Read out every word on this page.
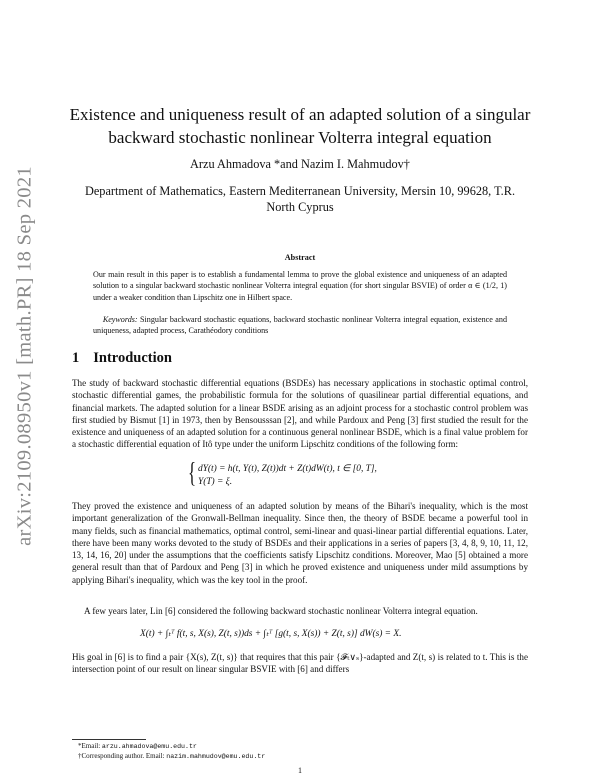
arXiv:2109.08950v1 [math.PR] 18 Sep 2021
Existence and uniqueness result of an adapted solution of a singular backward stochastic nonlinear Volterra integral equation
Arzu Ahmadova *and Nazim I. Mahmudov†
Department of Mathematics, Eastern Mediterranean University, Mersin 10, 99628, T.R. North Cyprus
Abstract
Our main result in this paper is to establish a fundamental lemma to prove the global existence and uniqueness of an adapted solution to a singular backward stochastic nonlinear Volterra integral equation (for short singular BSVIE) of order α ∈ (1/2, 1) under a weaker condition than Lipschitz one in Hilbert space.
Keywords: Singular backward stochastic equations, backward stochastic nonlinear Volterra integral equation, existence and uniqueness, adapted process, Carathéodory conditions
1 Introduction
The study of backward stochastic differential equations (BSDEs) has necessary applications in stochastic optimal control, stochastic differential games, the probabilistic formula for the solutions of quasilinear partial differential equations, and financial markets. The adapted solution for a linear BSDE arising as an adjoint process for a stochastic control problem was first studied by Bismut [1] in 1973, then by Bensousssan [2], and while Pardoux and Peng [3] first studied the result for the existence and uniqueness of an adapted solution for a continuous general nonlinear BSDE, which is a final value problem for a stochastic differential equation of Itô type under the uniform Lipschitz conditions of the following form:
{ dY(t) = h(t, Y(t), Z(t))dt + Z(t)dW(t), t ∈ [0, T],
Y(T) = ξ.
They proved the existence and uniqueness of an adapted solution by means of the Bihari's inequality, which is the most important generalization of the Gronwall-Bellman inequality. Since then, the theory of BSDE became a powerful tool in many fields, such as financial mathematics, optimal control, semi-linear and quasi-linear partial differential equations. Later, there have been many works devoted to the study of BSDEs and their applications in a series of papers [3, 4, 8, 9, 10, 11, 12, 13, 14, 16, 20] under the assumptions that the coefficients satisfy Lipschitz conditions. Moreover, Mao [5] obtained a more general result than that of Pardoux and Peng [3] in which he proved existence and uniqueness under mild assumptions by applying Bihari's inequality, which was the key tool in the proof.
A few years later, Lin [6] considered the following backward stochastic nonlinear Volterra integral equation.
X(t) + ∫ₜᵀ f(t, s, X(s), Z(t, s))ds + ∫ₜᵀ [g(t, s, X(s)) + Z(t, s)] dW(s) = X.
His goal in [6] is to find a pair {X(s), Z(t, s)} that requires that this pair {𝓕ₜ∨ₛ}-adapted and Z(t, s) is related to t. This is the intersection point of our result on linear singular BSVIE with [6] and differs
*Email: arzu.ahmadova@emu.edu.tr
†Corresponding author. Email: nazim.mahmudov@emu.edu.tr
1
